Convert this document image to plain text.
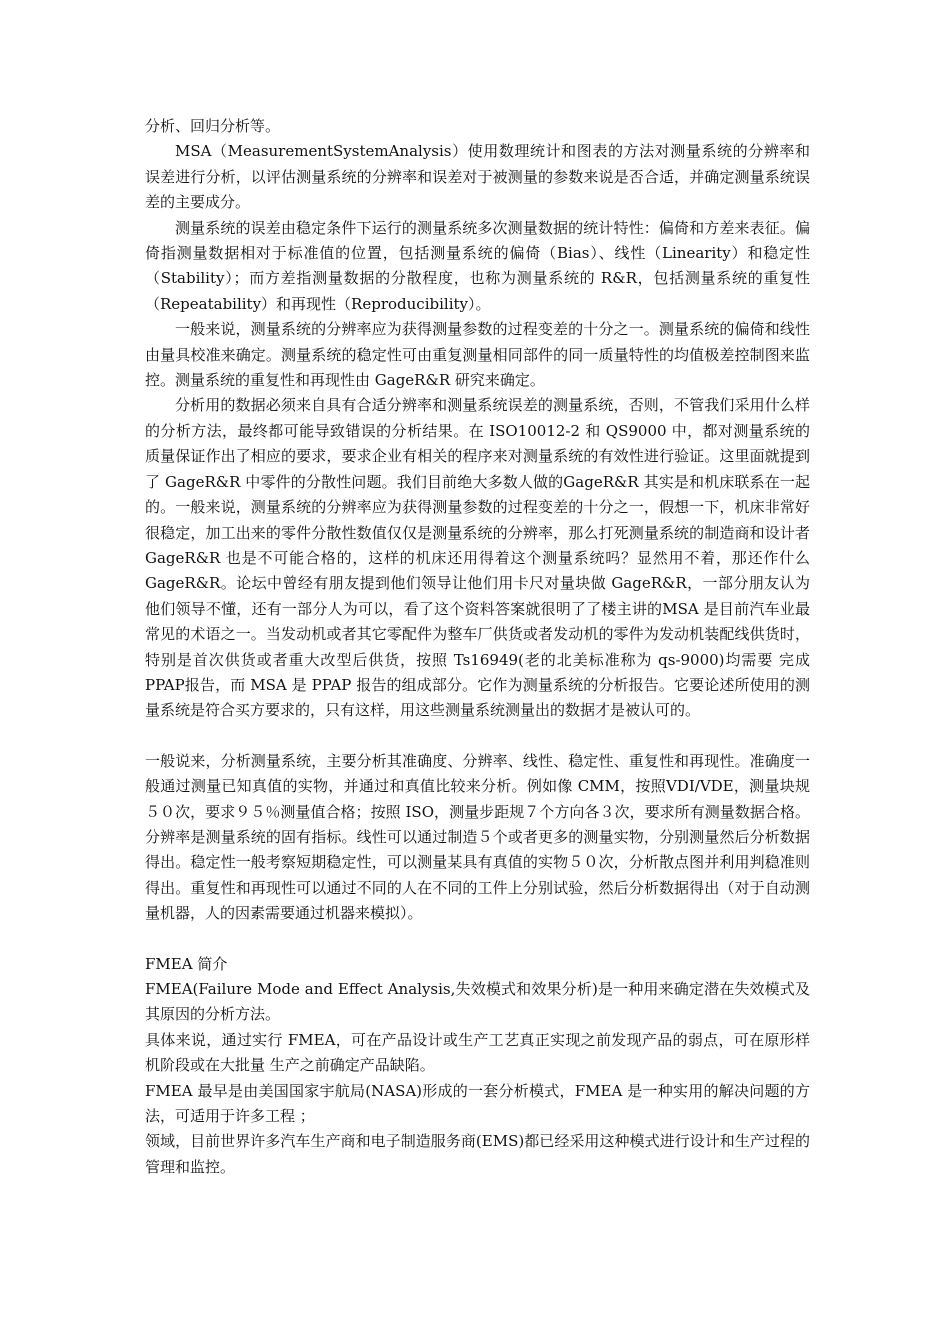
分析、回归分析等。

MSA（MeasurementSystemAnalysis）使用数理统计和图表的方法对测量系统的分辨率和误差进行分析，以评估测量系统的分辨率和误差对于被测量的参数来说是否合适，并确定测量系统误差的主要成分。

测量系统的误差由稳定条件下运行的测量系统多次测量数据的统计特性：偏倚和方差来表征。偏倚指测量数据相对于标准值的位置，包括测量系统的偏倚（Bias）、线性（Linearity）和稳定性（Stability）；而方差指测量数据的分散程度，也称为测量系统的 R&R，包括测量系统的重复性（Repeatability）和再现性（Reproducibility）。

一般来说，测量系统的分辨率应为获得测量参数的过程变差的十分之一。测量系统的偏倚和线性由量具校准来确定。测量系统的稳定性可由重复测量相同部件的同一质量特性的均值极差控制图来监控。测量系统的重复性和再现性由 GageR&R 研究来确定。

分析用的数据必须来自具有合适分辨率和测量系统误差的测量系统，否则，不管我们采用什么样的分析方法，最终都可能导致错误的分析结果。在 ISO10012-2 和 QS9000 中，都对测量系统的质量保证作出了相应的要求，要求企业有相关的程序来对测量系统的有效性进行验证。这里面就提到了 GageR&R 中零件的分散性问题。我们目前绝大多数人做的GageR&R 其实是和机床联系在一起的。一般来说，测量系统的分辨率应为获得测量参数的过程变差的十分之一，假想一下，机床非常好很稳定，加工出来的零件分散性数值仅仅是测量系统的分辨率，那么打死测量系统的制造商和设计者 GageR&R 也是不可能合格的，这样的机床还用得着这个测量系统吗？显然用不着，那还作什么 GageR&R。论坛中曾经有朋友提到他们领导让他们用卡尺对量块做 GageR&R，一部分朋友认为他们领导不懂，还有一部分人为可以，看了这个资料答案就很明了了楼主讲的MSA 是目前汽车业最常见的术语之一。当发动机或者其它零配件为整车厂供货或者发动机的零件为发动机装配线供货时，特别是首次供货或者重大改型后供货，按照 Ts16949(老的北美标准称为 qs-9000)均需要 完成 PPAP报告，而 MSA 是 PPAP 报告的组成部分。它作为测量系统的分析报告。它要论述所使用的测量系统是符合买方要求的，只有这样，用这些测量系统测量出的数据才是被认可的。

一般说来，分析测量系统，主要分析其准确度、分辨率、线性、稳定性、重复性和再现性。准确度一般通过测量已知真值的实物，并通过和真值比较来分析。例如像 CMM，按照VDI/VDE，测量块规５０次，要求９５％测量值合格；按照 ISO，测量步距规７个方向各３次，要求所有测量数据合格。分辨率是测量系统的固有指标。线性可以通过制造５个或者更多的测量实物，分别测量然后分析数据得出。稳定性一般考察短期稳定性，可以测量某具有真值的实物５０次，分析散点图并利用判稳准则得出。重复性和再现性可以通过不同的人在不同的工件上分别试验，然后分析数据得出（对于自动测量机器，人的因素需要通过机器来模拟）。

FMEA 简介

FMEA(Failure Mode and Effect Analysis,失效模式和效果分析)是一种用来确定潜在失效模式及其原因的分析方法。

具体来说，通过实行 FMEA，可在产品设计或生产工艺真正实现之前发现产品的弱点，可在原形样机阶段或在大批量 生产之前确定产品缺陷。

FMEA 最早是由美国国家宇航局(NASA)形成的一套分析模式，FMEA 是一种实用的解决问题的方法，可适用于许多工程 ；

领域，目前世界许多汽车生产商和电子制造服务商(EMS)都已经采用这种模式进行设计和生产过程的管理和监控。
